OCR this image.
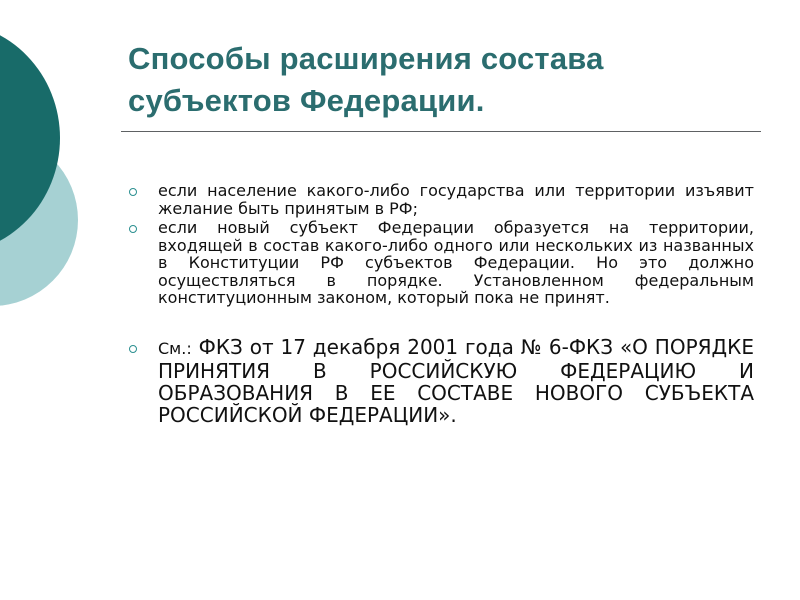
Способы расширения состава
субъектов Федерации.
если население какого-либо государства или территории изъявит желание быть принятым в РФ;
если новый субъект Федерации образуется на территории, входящей в состав какого-либо одного или нескольких из названных в Конституции РФ субъектов Федерации. Но это должно осуществляться в порядке. Установленном федеральным конституционным законом, который пока не принят.
См.: ФКЗ от 17 декабря 2001 года № 6-ФКЗ «О ПОРЯДКЕ ПРИНЯТИЯ В РОССИЙСКУЮ ФЕДЕРАЦИЮ И ОБРАЗОВАНИЯ В ЕЕ СОСТАВЕ НОВОГО СУБЪЕКТА РОССИЙСКОЙ ФЕДЕРАЦИИ».
